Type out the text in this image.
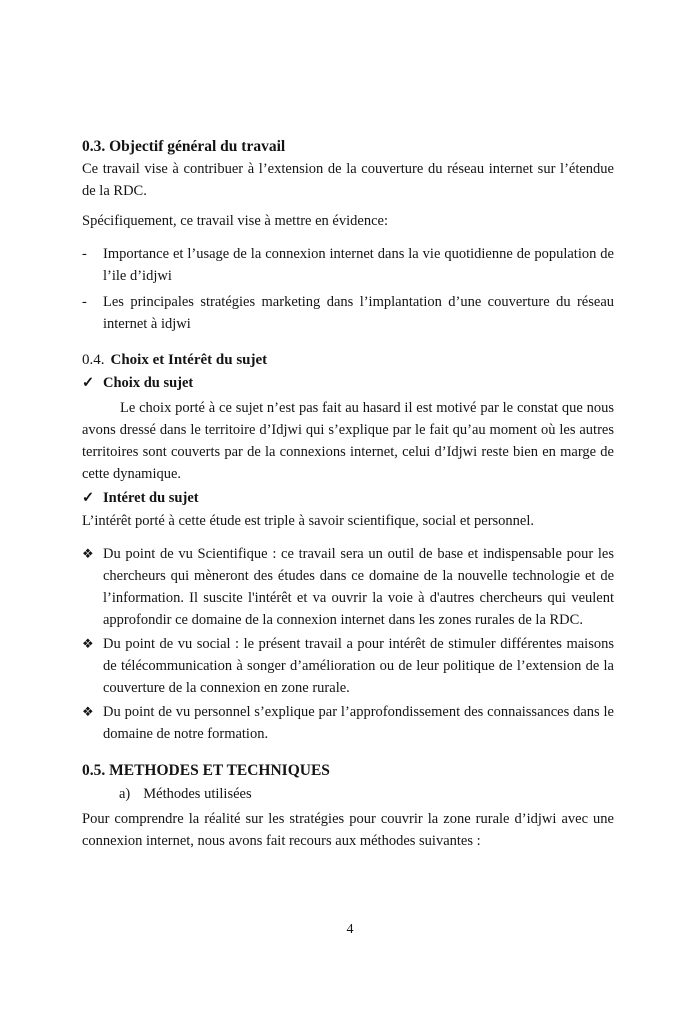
0.3. Objectif général du travail

Ce travail vise à contribuer à l’extension de la couverture du réseau internet sur l’étendue de la RDC.

Spécifiquement, ce travail vise à mettre en évidence:

-	Importance et l’usage de la connexion internet dans la vie quotidienne de population de l’ile d’idjwi
-	Les principales stratégies marketing dans l’implantation d’une couverture du réseau internet à idjwi
0.4. Choix et Intérêt du sujet
✓ Choix du sujet

Le choix porté à ce sujet n’est pas fait au hasard il est motivé par le constat que nous avons dressé dans le territoire d’Idjwi qui s’explique par le fait qu’au moment où les autres territoires sont couverts par de la connexions internet, celui d’Idjwi reste bien en marge de cette dynamique.

✓ Intéret du sujet

L’intérêt porté à cette étude est triple à savoir scientifique, social et personnel.

❖ Du point de vu Scientifique : ce travail sera un outil de base et indispensable pour les chercheurs qui mèneront des études dans ce domaine de la nouvelle technologie et de l’information. Il suscite l'intérêt et va ouvrir la voie à d'autres chercheurs qui veulent approfondir ce domaine de la connexion internet dans les zones rurales de la RDC.
❖ Du point de vu social : le présent travail a pour intérêt de stimuler différentes maisons de télécommunication à songer d’amélioration ou de leur politique de l’extension de la couverture de la connexion en zone rurale.
❖ Du point de vu personnel s’explique par l’approfondissement des connaissances dans le domaine de notre formation.
0.5. METHODES ET TECHNIQUES

a) Méthodes utilisées

Pour comprendre la réalité sur les stratégies pour couvrir la zone rurale d’idjwi avec une connexion internet, nous avons fait recours aux méthodes suivantes :

4
